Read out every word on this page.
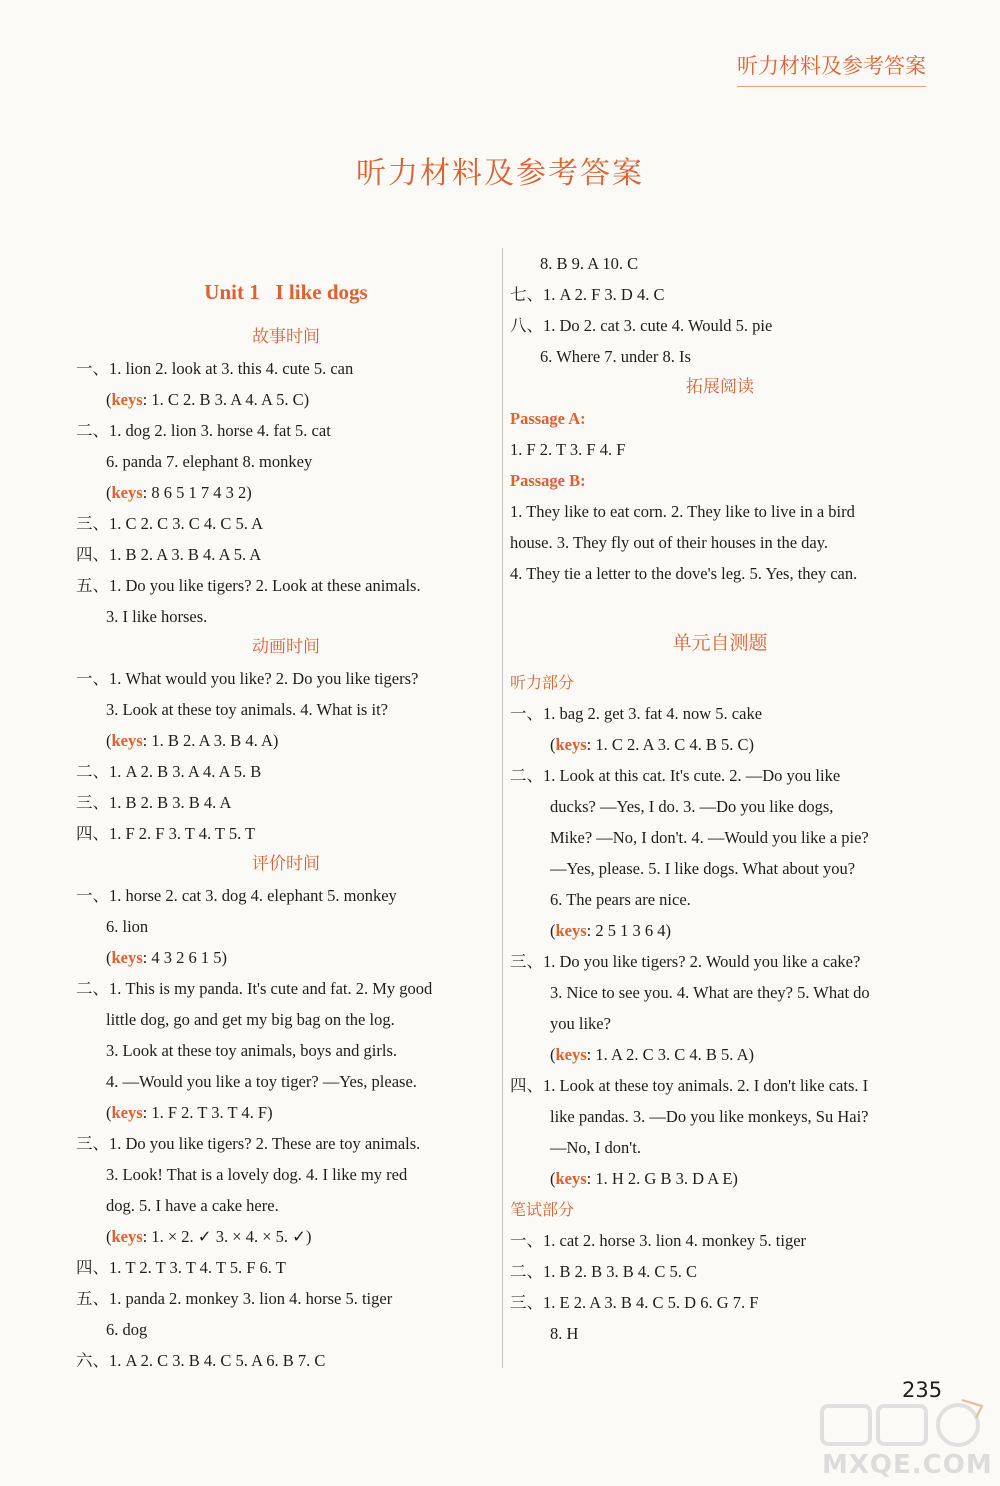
听力材料及参考答案
听力材料及参考答案
Unit 1 I like dogs
故事时间
一、1. lion 2. look at 3. this 4. cute 5. can
(keys: 1. C 2. B 3. A 4. A 5. C)
二、1. dog 2. lion 3. horse 4. fat 5. cat
6. panda 7. elephant 8. monkey
(keys: 8 6 5 1 7 4 3 2)
三、1. C 2. C 3. C 4. C 5. A
四、1. B 2. A 3. B 4. A 5. A
五、1. Do you like tigers? 2. Look at these animals.
3. I like horses.
动画时间
一、1. What would you like? 2. Do you like tigers?
3. Look at these toy animals. 4. What is it?
(keys: 1. B 2. A 3. B 4. A)
二、1. A 2. B 3. A 4. A 5. B
三、1. B 2. B 3. B 4. A
四、1. F 2. F 3. T 4. T 5. T
评价时间
一、1. horse 2. cat 3. dog 4. elephant 5. monkey
6. lion
(keys: 4 3 2 6 1 5)
二、1. This is my panda. It's cute and fat. 2. My good
little dog, go and get my big bag on the log.
3. Look at these toy animals, boys and girls.
4. —Would you like a toy tiger? —Yes, please.
(keys: 1. F 2. T 3. T 4. F)
三、1. Do you like tigers? 2. These are toy animals.
3. Look! That is a lovely dog. 4. I like my red
dog. 5. I have a cake here.
(keys: 1. × 2. ✓ 3. × 4. × 5. ✓)
四、1. T 2. T 3. T 4. T 5. F 6. T
五、1. panda 2. monkey 3. lion 4. horse 5. tiger
6. dog
六、1. A 2. C 3. B 4. C 5. A 6. B 7. C
8. B 9. A 10. C
七、1. A 2. F 3. D 4. C
八、1. Do 2. cat 3. cute 4. Would 5. pie
6. Where 7. under 8. Is
拓展阅读
Passage A:
1. F 2. T 3. F 4. F
Passage B:
1. They like to eat corn. 2. They like to live in a bird
house. 3. They fly out of their houses in the day.
4. They tie a letter to the dove's leg. 5. Yes, they can.
单元自测题
听力部分
一、1. bag 2. get 3. fat 4. now 5. cake
(keys: 1. C 2. A 3. C 4. B 5. C)
二、1. Look at this cat. It's cute. 2. —Do you like
ducks? —Yes, I do. 3. —Do you like dogs,
Mike? —No, I don't. 4. —Would you like a pie?
—Yes, please. 5. I like dogs. What about you?
6. The pears are nice.
(keys: 2 5 1 3 6 4)
三、1. Do you like tigers? 2. Would you like a cake?
3. Nice to see you. 4. What are they? 5. What do
you like?
(keys: 1. A 2. C 3. C 4. B 5. A)
四、1. Look at these toy animals. 2. I don't like cats. I
like pandas. 3. —Do you like monkeys, Su Hai?
—No, I don't.
(keys: 1. H 2. G B 3. D A E)
笔试部分
一、1. cat 2. horse 3. lion 4. monkey 5. tiger
二、1. B 2. B 3. B 4. C 5. C
三、1. E 2. A 3. B 4. C 5. D 6. G 7. F
8. H
235
MXQE.COM
